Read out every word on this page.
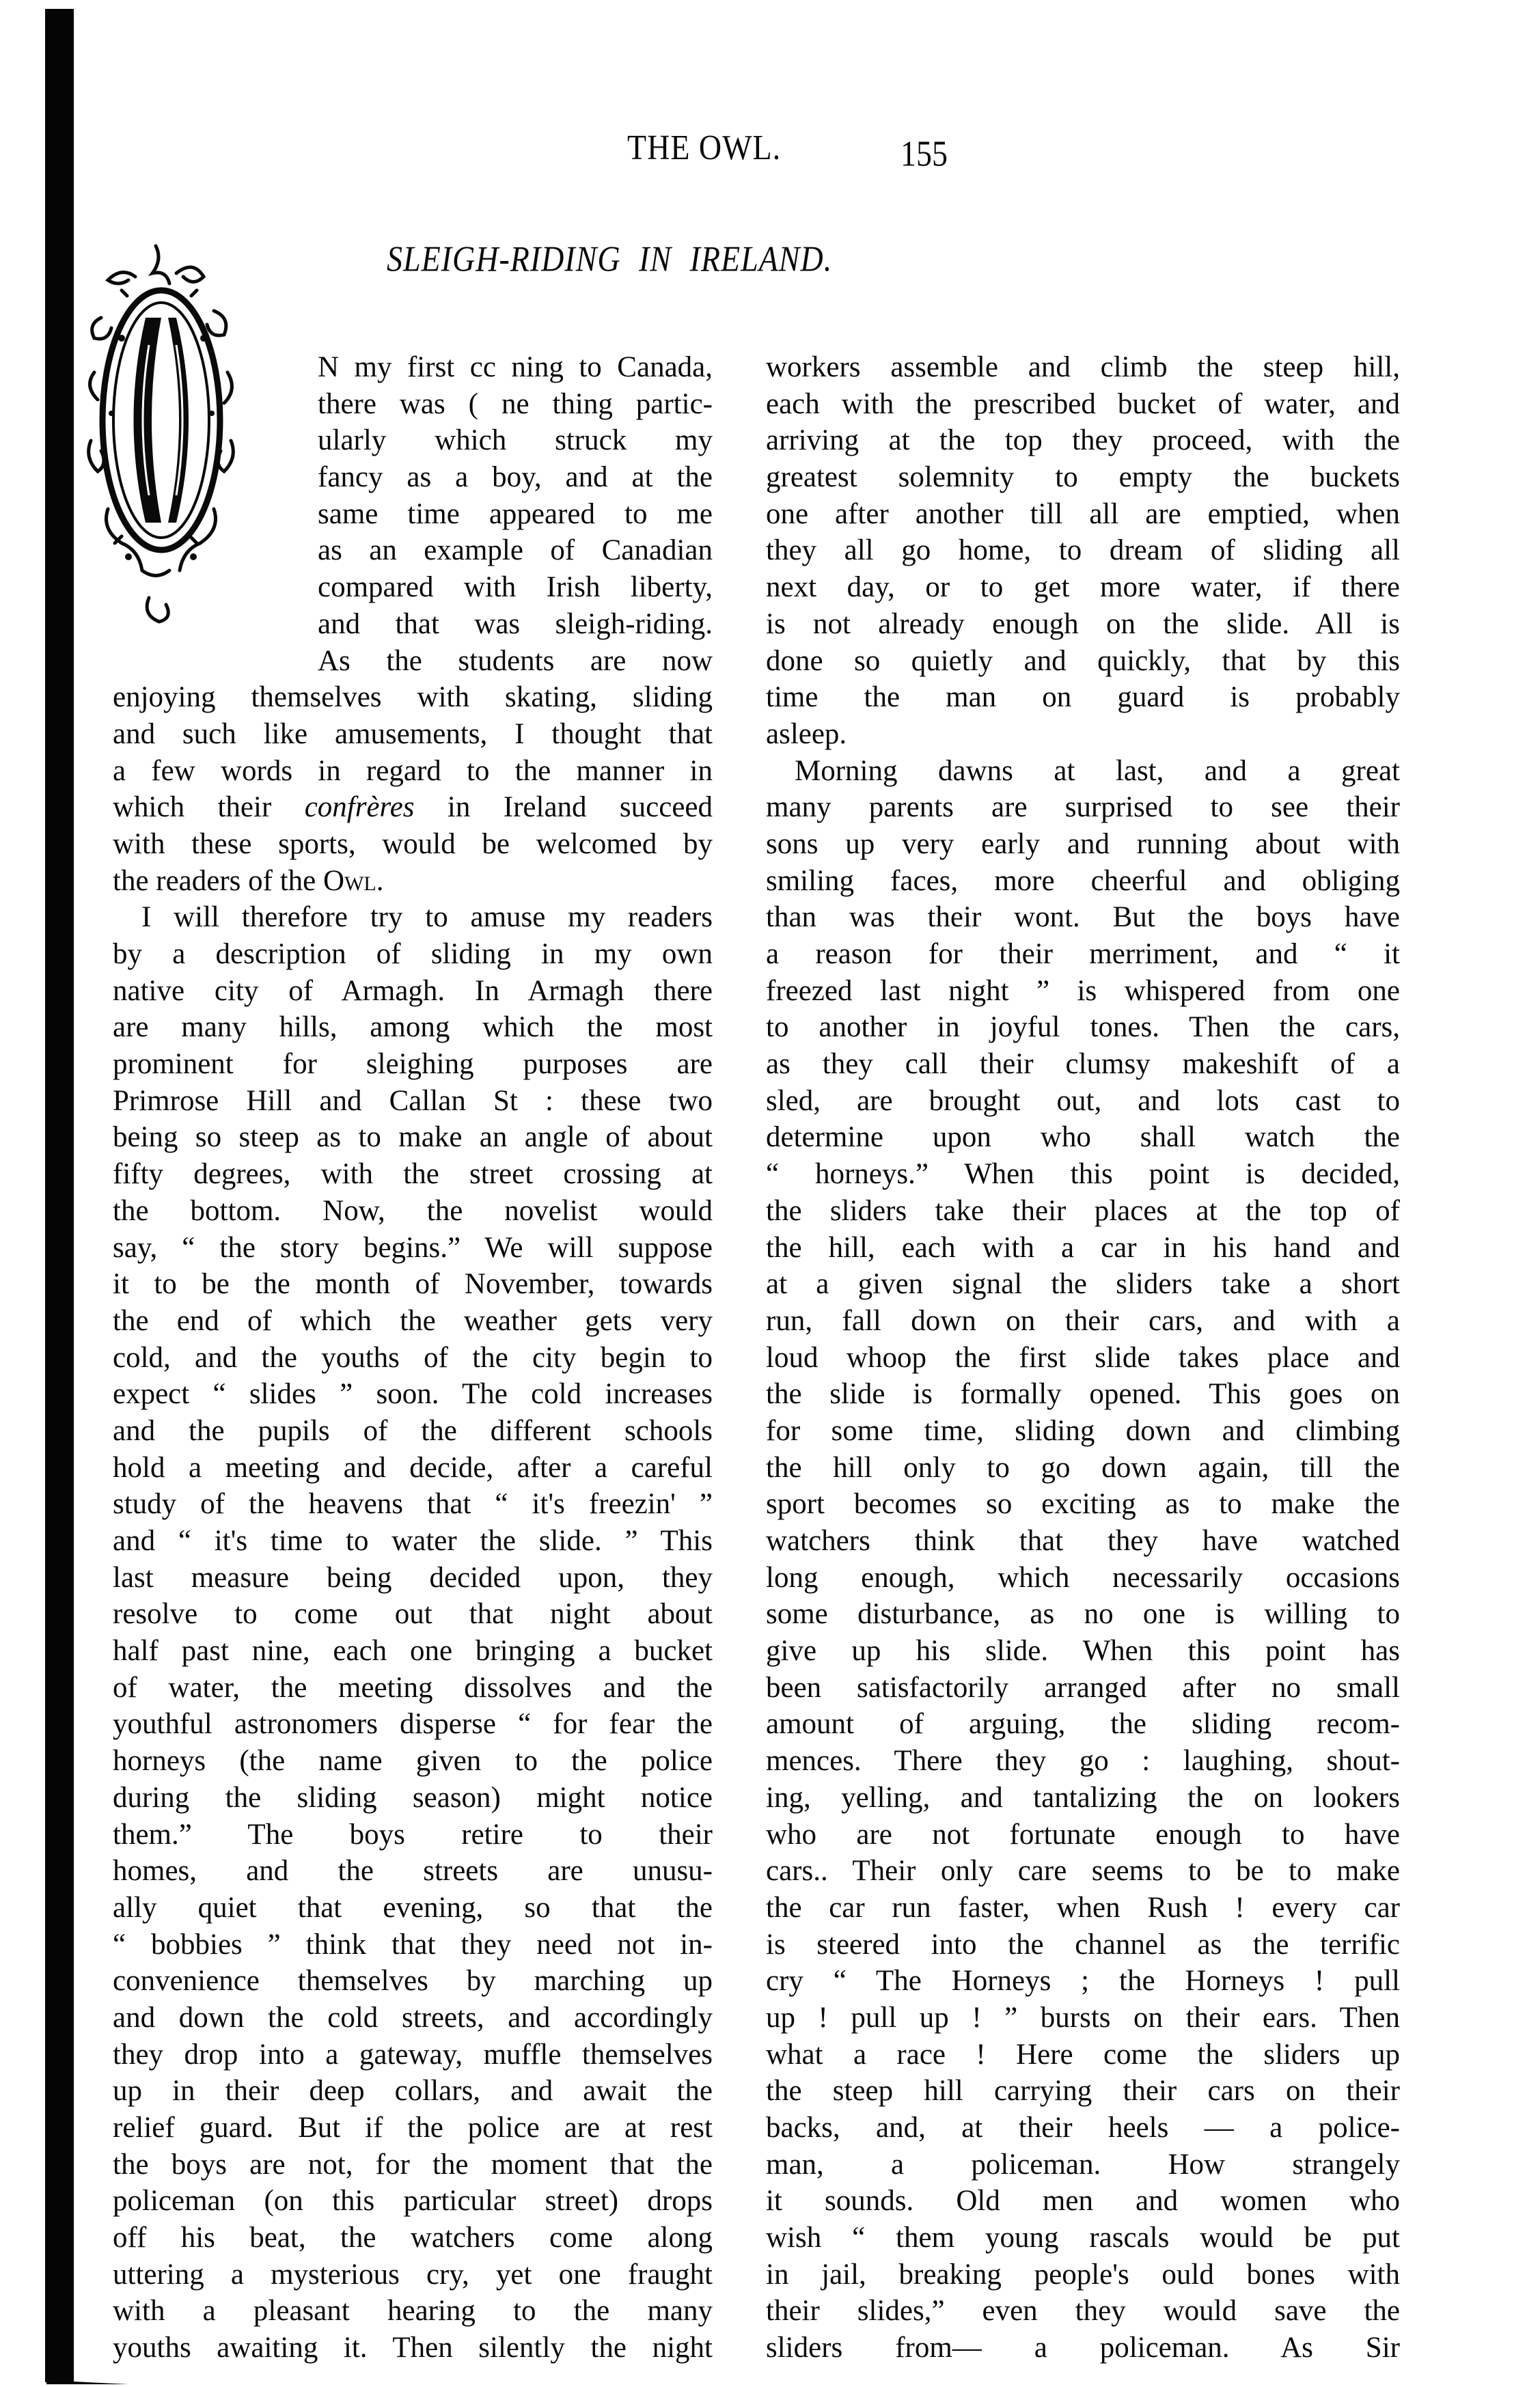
THE OWL.	155
SLEIGH-RIDING IN IRELAND.
N my first cc ning to Canada,
there was ( ne thing partic-
ularly which struck my
fancy as a boy, and at the
same time appeared to me
as an example of Canadian
compared with Irish liberty,
and that was sleigh-riding.
As the students are now
enjoying themselves with skating, sliding
and such like amusements, I thought that
a few words in regard to the manner in
which their confrères in Ireland succeed
with these sports, would be welcomed by
the readers of the Owl.
I will therefore try to amuse my readers
by a description of sliding in my own
native city of Armagh. In Armagh there
are many hills, among which the most
prominent for sleighing purposes are
Primrose Hill and Callan St : these two
being so steep as to make an angle of about
fifty degrees, with the street crossing at
the bottom. Now, the novelist would
say, “ the story begins.” We will suppose
it to be the month of November, towards
the end of which the weather gets very
cold, and the youths of the city begin to
expect “ slides ” soon. The cold increases
and the pupils of the different schools
hold a meeting and decide, after a careful
study of the heavens that “ it's freezin' ”
and “ it's time to water the slide. ” This
last measure being decided upon, they
resolve to come out that night about
half past nine, each one bringing a bucket
of water, the meeting dissolves and the
youthful astronomers disperse “ for fear the
horneys (the name given to the police
during the sliding season) might notice
them.” The boys retire to their
homes, and the streets are unusu-
ally quiet that evening, so that the
“ bobbies ” think that they need not in-
convenience themselves by marching up
and down the cold streets, and accordingly
they drop into a gateway, muffle themselves
up in their deep collars, and await the
relief guard. But if the police are at rest
the boys are not, for the moment that the
policeman (on this particular street) drops
off his beat, the watchers come along
uttering a mysterious cry, yet one fraught
with a pleasant hearing to the many
youths awaiting it. Then silently the night
workers assemble and climb the steep hill,
each with the prescribed bucket of water, and
arriving at the top they proceed, with the
greatest solemnity to empty the buckets
one after another till all are emptied, when
they all go home, to dream of sliding all
next day, or to get more water, if there
is not already enough on the slide. All is
done so quietly and quickly, that by this
time the man on guard is probably
asleep.
Morning dawns at last, and a great
many parents are surprised to see their
sons up very early and running about with
smiling faces, more cheerful and obliging
than was their wont. But the boys have
a reason for their merriment, and “ it
freezed last night ” is whispered from one
to another in joyful tones. Then the cars,
as they call their clumsy makeshift of a
sled, are brought out, and lots cast to
determine upon who shall watch the
“ horneys.” When this point is decided,
the sliders take their places at the top of
the hill, each with a car in his hand and
at a given signal the sliders take a short
run, fall down on their cars, and with a
loud whoop the first slide takes place and
the slide is formally opened. This goes on
for some time, sliding down and climbing
the hill only to go down again, till the
sport becomes so exciting as to make the
watchers think that they have watched
long enough, which necessarily occasions
some disturbance, as no one is willing to
give up his slide. When this point has
been satisfactorily arranged after no small
amount of arguing, the sliding recom-
mences. There they go : laughing, shout-
ing, yelling, and tantalizing the on lookers
who are not fortunate enough to have
cars.. Their only care seems to be to make
the car run faster, when Rush ! every car
is steered into the channel as the terrific
cry “ The Horneys ; the Horneys ! pull
up ! pull up ! ” bursts on their ears. Then
what a race ! Here come the sliders up
the steep hill carrying their cars on their
backs, and, at their heels — a police-
man, a policeman. How strangely
it sounds. Old men and women who
wish “ them young rascals would be put
in jail, breaking people's ould bones with
their slides,” even they would save the
sliders from— a policeman. As Sir
